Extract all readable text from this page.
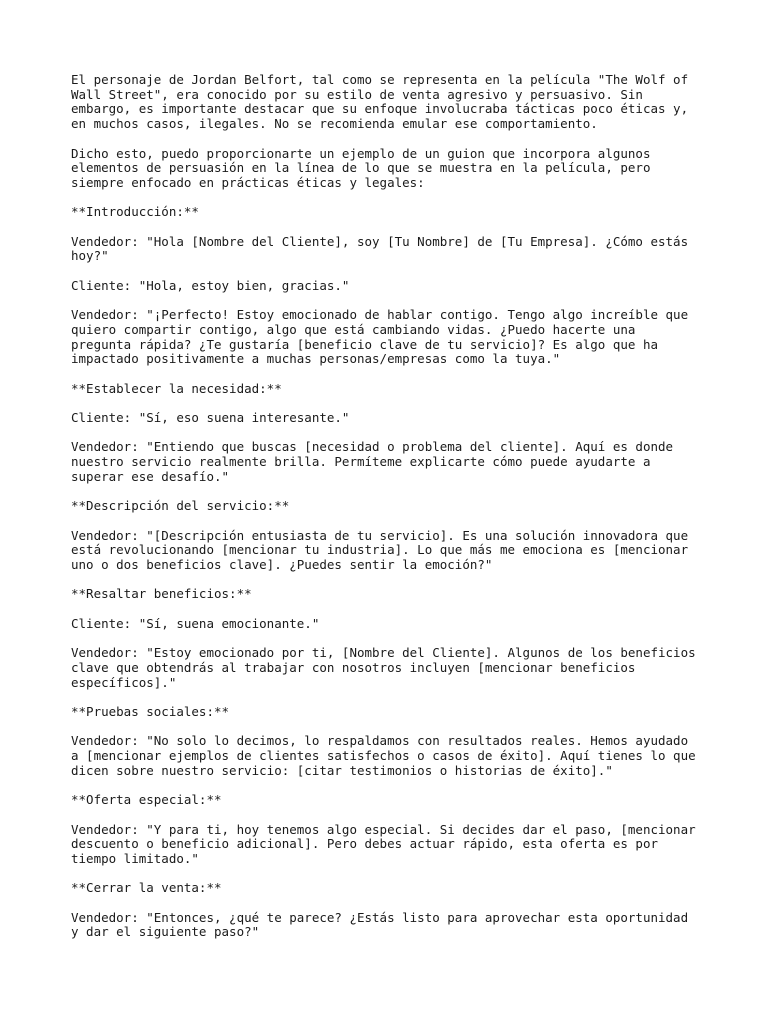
El personaje de Jordan Belfort, tal como se representa en la película "The Wolf of Wall Street", era conocido por su estilo de venta agresivo y persuasivo. Sin embargo, es importante destacar que su enfoque involucraba tácticas poco éticas y, en muchos casos, ilegales. No se recomienda emular ese comportamiento.

Dicho esto, puedo proporcionarte un ejemplo de un guion que incorpora algunos elementos de persuasión en la línea de lo que se muestra en la película, pero siempre enfocado en prácticas éticas y legales:

**Introducción:**

Vendedor: "Hola [Nombre del Cliente], soy [Tu Nombre] de [Tu Empresa]. ¿Cómo estás hoy?"

Cliente: "Hola, estoy bien, gracias."

Vendedor: "¡Perfecto! Estoy emocionado de hablar contigo. Tengo algo increíble que quiero compartir contigo, algo que está cambiando vidas. ¿Puedo hacerte una pregunta rápida? ¿Te gustaría [beneficio clave de tu servicio]? Es algo que ha impactado positivamente a muchas personas/empresas como la tuya."

**Establecer la necesidad:**

Cliente: "Sí, eso suena interesante."

Vendedor: "Entiendo que buscas [necesidad o problema del cliente]. Aquí es donde nuestro servicio realmente brilla. Permíteme explicarte cómo puede ayudarte a superar ese desafío."

**Descripción del servicio:**

Vendedor: "[Descripción entusiasta de tu servicio]. Es una solución innovadora que está revolucionando [mencionar tu industria]. Lo que más me emociona es [mencionar uno o dos beneficios clave]. ¿Puedes sentir la emoción?"

**Resaltar beneficios:**

Cliente: "Sí, suena emocionante."

Vendedor: "Estoy emocionado por ti, [Nombre del Cliente]. Algunos de los beneficios clave que obtendrás al trabajar con nosotros incluyen [mencionar beneficios específicos]."

**Pruebas sociales:**

Vendedor: "No solo lo decimos, lo respaldamos con resultados reales. Hemos ayudado a [mencionar ejemplos de clientes satisfechos o casos de éxito]. Aquí tienes lo que dicen sobre nuestro servicio: [citar testimonios o historias de éxito]."

**Oferta especial:**

Vendedor: "Y para ti, hoy tenemos algo especial. Si decides dar el paso, [mencionar descuento o beneficio adicional]. Pero debes actuar rápido, esta oferta es por tiempo limitado."

**Cerrar la venta:**

Vendedor: "Entonces, ¿qué te parece? ¿Estás listo para aprovechar esta oportunidad y dar el siguiente paso?"
